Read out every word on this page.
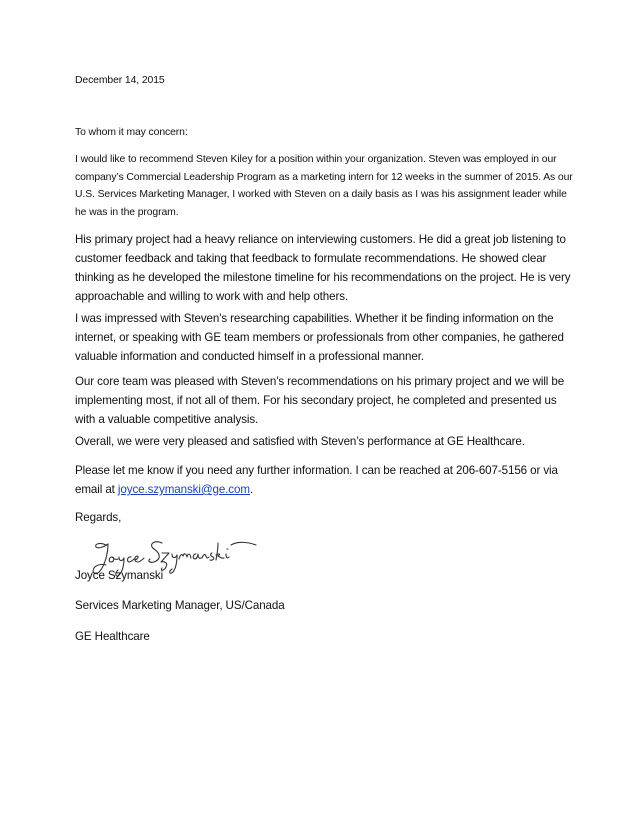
December 14, 2015

To whom it may concern:

I would like to recommend Steven Kiley for a position within your organization. Steven was employed in our company’s Commercial Leadership Program as a marketing intern for 12 weeks in the summer of 2015. As our U.S. Services Marketing Manager, I worked with Steven on a daily basis as I was his assignment leader while he was in the program.

His primary project had a heavy reliance on interviewing customers. He did a great job listening to customer feedback and taking that feedback to formulate recommendations. He showed clear thinking as he developed the milestone timeline for his recommendations on the project. He is very approachable and willing to work with and help others.

I was impressed with Steven's researching capabilities. Whether it be finding information on the internet, or speaking with GE team members or professionals from other companies, he gathered valuable information and conducted himself in a professional manner.

Our core team was pleased with Steven's recommendations on his primary project and we will be implementing most, if not all of them. For his secondary project, he completed and presented us with a valuable competitive analysis.

Overall, we were very pleased and satisfied with Steven’s performance at GE Healthcare.

Please let me know if you need any further information. I can be reached at 206-607-5156 or via email at joyce.szymanski@ge.com.

Regards,

Joyce Szymanski

Services Marketing Manager, US/Canada

GE Healthcare
